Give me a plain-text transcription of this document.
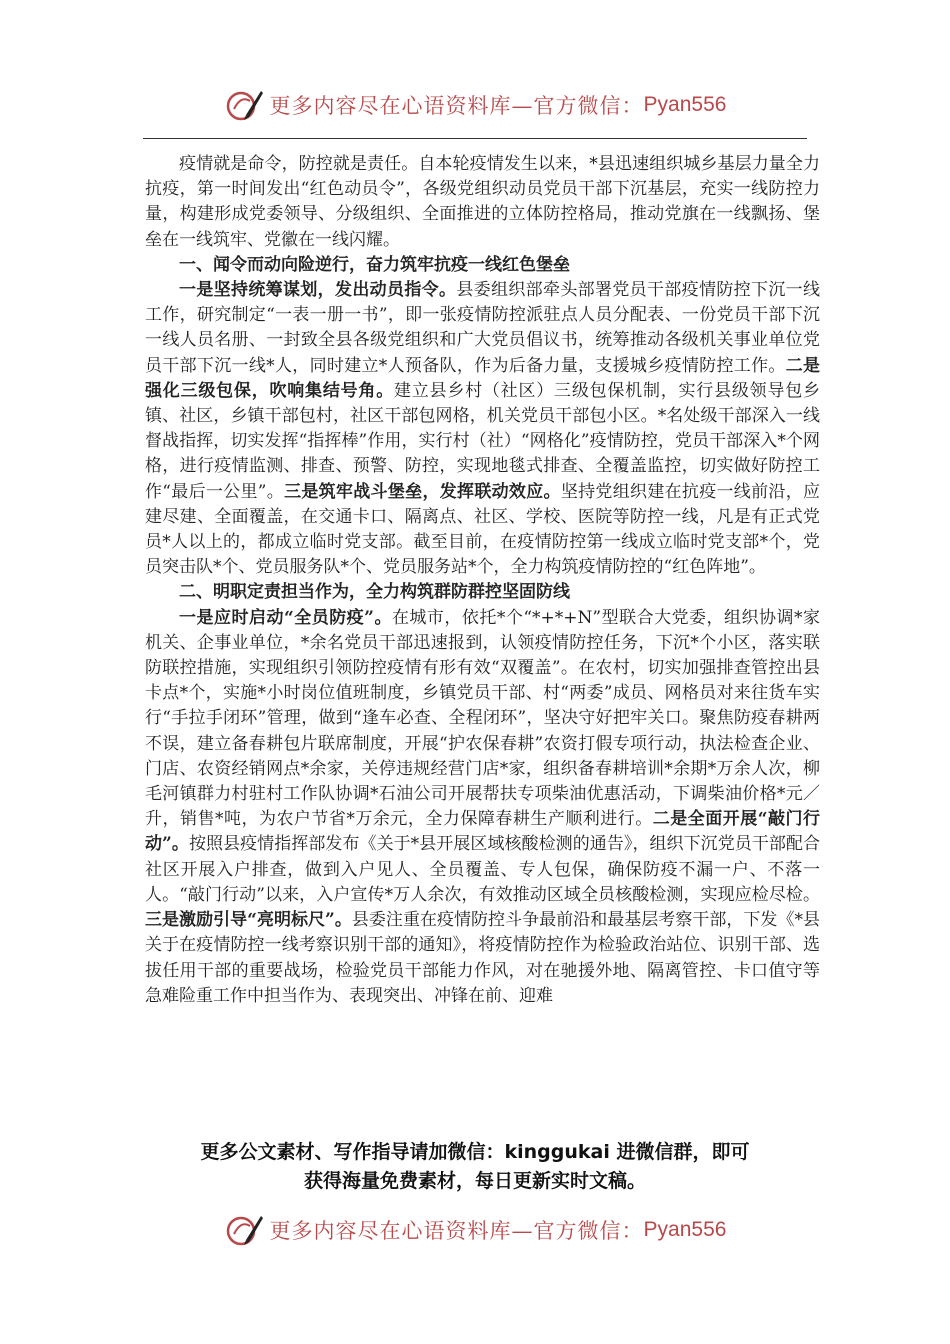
更多内容尽在心语资料库—官方微信： Pyan556

疫情就是命令，防控就是责任。自本轮疫情发生以来，*县迅速组织城乡基层力量全力抗疫，第一时间发出“红色动员令”，各级党组织动员党员干部下沉基层，充实一线防控力量，构建形成党委领导、分级组织、全面推进的立体防控格局，推动党旗在一线飘扬、堡垒在一线筑牢、党徽在一线闪耀。

一、闻令而动向险逆行，奋力筑牢抗疫一线红色堡垒

一是坚持统筹谋划，发出动员指令。县委组织部牵头部署党员干部疫情防控下沉一线工作，研究制定“一表一册一书”，即一张疫情防控派驻点人员分配表、一份党员干部下沉一线人员名册、一封致全县各级党组织和广大党员倡议书，统筹推动各级机关事业单位党员干部下沉一线*人，同时建立*人预备队，作为后备力量，支援城乡疫情防控工作。二是强化三级包保，吹响集结号角。建立县乡村（社区）三级包保机制，实行县级领导包乡镇、社区，乡镇干部包村，社区干部包网格，机关党员干部包小区。*名处级干部深入一线督战指挥，切实发挥“指挥棒”作用，实行村（社）“网格化”疫情防控，党员干部深入*个网格，进行疫情监测、排查、预警、防控，实现地毯式排查、全覆盖监控，切实做好防控工作“最后一公里”。三是筑牢战斗堡垒，发挥联动效应。坚持党组织建在抗疫一线前沿，应建尽建、全面覆盖，在交通卡口、隔离点、社区、学校、医院等防控一线，凡是有正式党员*人以上的，都成立临时党支部。截至目前，在疫情防控第一线成立临时党支部*个，党员突击队*个、党员服务队*个、党员服务站*个，全力构筑疫情防控的“红色阵地”。

二、明职定责担当作为，全力构筑群防群控坚固防线

一是应时启动“全员防疫”。在城市，依托*个“*+*+N”型联合大党委，组织协调*家机关、企事业单位，*余名党员干部迅速报到，认领疫情防控任务，下沉*个小区，落实联防联控措施，实现组织引领防控疫情有形有效“双覆盖”。在农村，切实加强排查管控出县卡点*个，实施*小时岗位值班制度，乡镇党员干部、村“两委”成员、网格员对来往货车实行“手拉手闭环”管理，做到“逢车必查、全程闭环”，坚决守好把牢关口。聚焦防疫春耕两不误，建立备春耕包片联席制度，开展“护农保春耕”农资打假专项行动，执法检查企业、门店、农资经销网点*余家，关停违规经营门店*家，组织备春耕培训*余期*万余人次，柳毛河镇群力村驻村工作队协调*石油公司开展帮扶专项柴油优惠活动，下调柴油价格*元／升，销售*吨，为农户节省*万余元，全力保障春耕生产顺利进行。二是全面开展“敲门行动”。按照县疫情指挥部发布《关于*县开展区域核酸检测的通告》，组织下沉党员干部配合社区开展入户排查，做到入户见人、全员覆盖、专人包保，确保防疫不漏一户、不落一人。“敲门行动”以来，入户宣传*万人余次，有效推动区域全员核酸检测，实现应检尽检。三是激励引导“亮明标尺”。县委注重在疫情防控斗争最前沿和最基层考察干部，下发《*县关于在疫情防控一线考察识别干部的通知》，将疫情防控作为检验政治站位、识别干部、选拔任用干部的重要战场，检验党员干部能力作风，对在驰援外地、隔离管控、卡口值守等急难险重工作中担当作为、表现突出、冲锋在前、迎难

更多公文素材、写作指导请加微信：kinggukai 进微信群，即可
获得海量免费素材，每日更新实时文稿。
更多内容尽在心语资料库—官方微信： Pyan556
